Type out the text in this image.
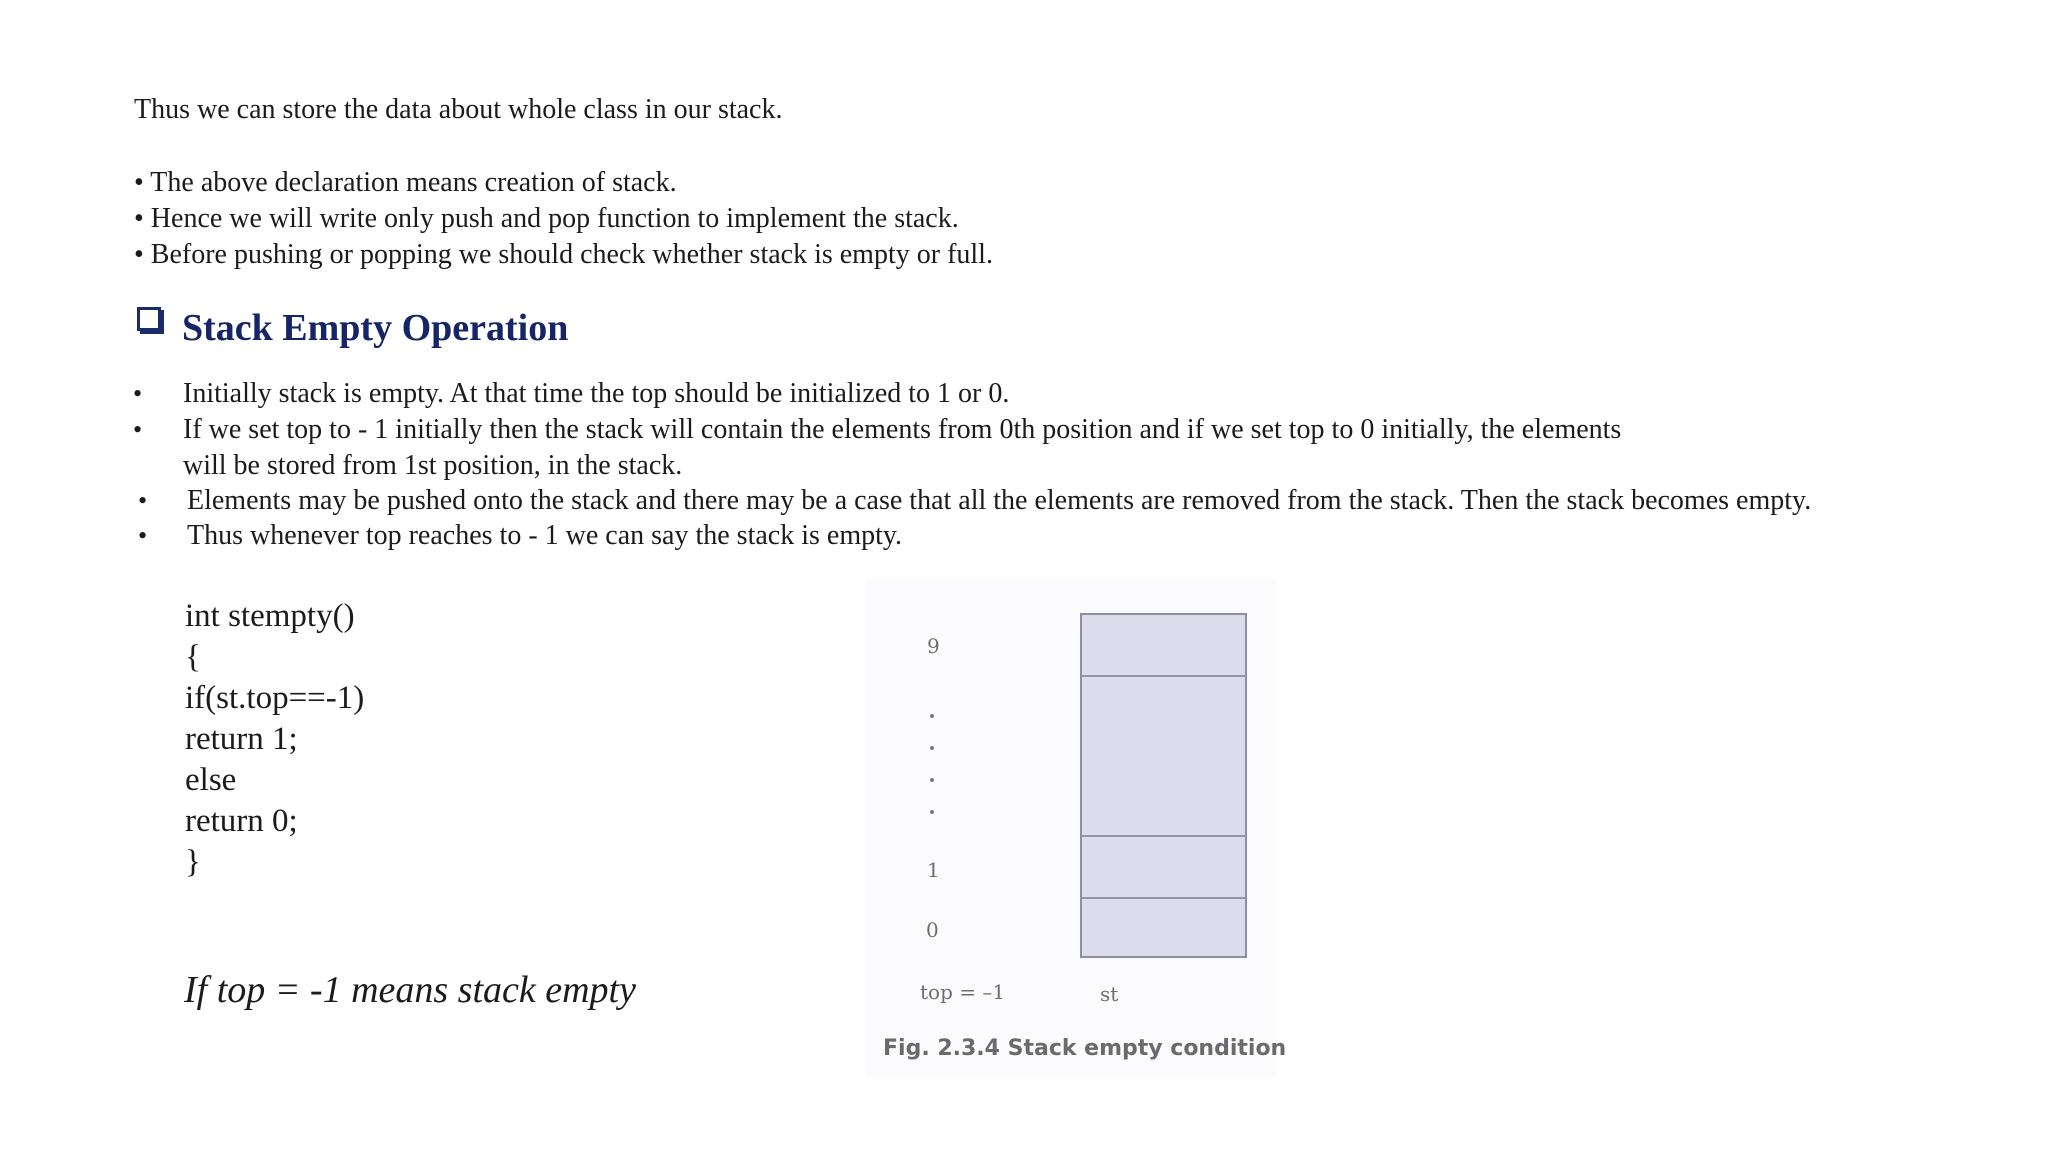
Thus we can store the data about whole class in our stack.
• The above declaration means creation of stack.
• Hence we will write only push and pop function to implement the stack.
• Before pushing or popping we should check whether stack is empty or full.
Stack Empty Operation
• Initially stack is empty. At that time the top should be initialized to 1 or 0.
• If we set top to - 1 initially then the stack will contain the elements from 0th position and if we set top to 0 initially, the elements
will be stored from 1st position, in the stack.
• Elements may be pushed onto the stack and there may be a case that all the elements are removed from the stack. Then the stack becomes empty.
• Thus whenever top reaches to - 1 we can say the stack is empty.
int stempty()
{
if(st.top==-1)
return 1;
else
return 0;
}
If top = -1 means stack empty
9
1
0
top = –1	st
Fig. 2.3.4 Stack empty condition
